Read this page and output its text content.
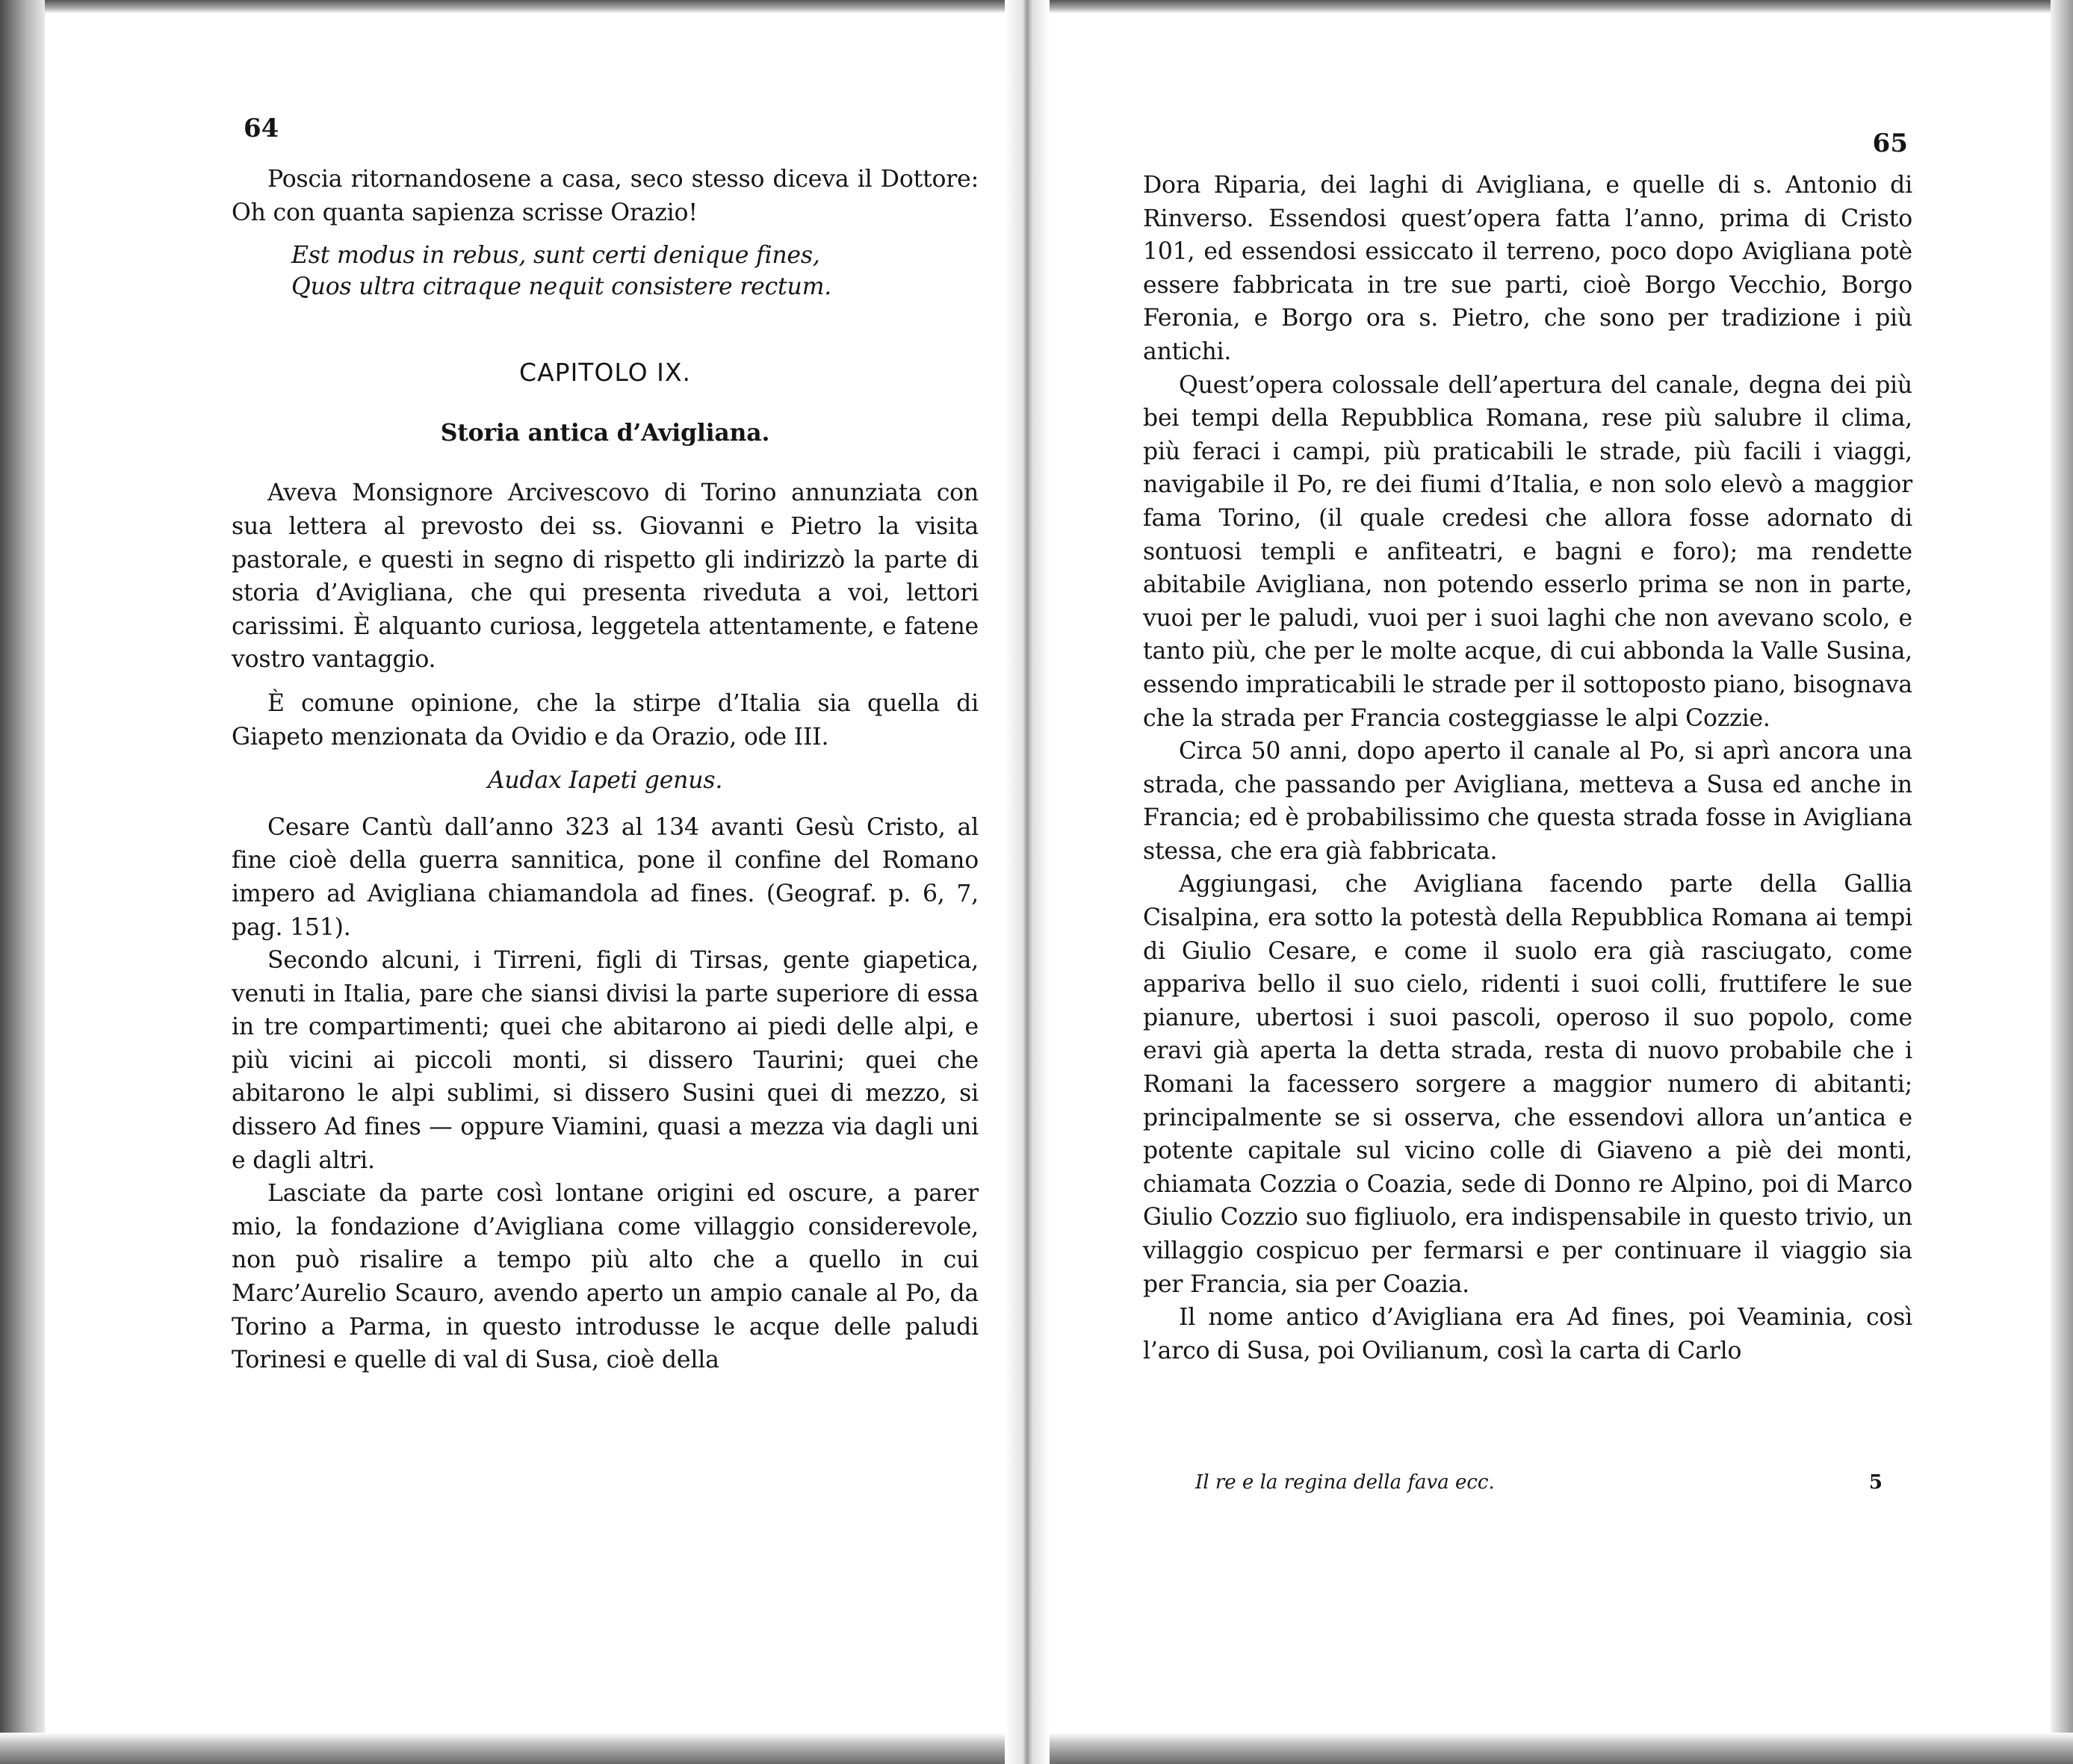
64

Poscia ritornandosene a casa, seco stesso diceva il Dottore: Oh con quanta sapienza scrisse Orazio!

Est modus in rebus, sunt certi denique fines,
Quos ultra citraque nequit consistere rectum.
CAPITOLO IX.
Storia antica d’Avigliana.

Aveva Monsignore Arcivescovo di Torino annunziata con sua lettera al prevosto dei ss. Giovanni e Pietro la visita pastorale, e questi in segno di rispetto gli indirizzò la parte di storia d’Avigliana, che qui presenta riveduta a voi, lettori carissimi. È alquanto curiosa, leggetela attentamente, e fatene vostro vantaggio.

È comune opinione, che la stirpe d’Italia sia quella di Giapeto menzionata da Ovidio e da Orazio, ode III.

Audax Iapeti genus.

Cesare Cantù dall’anno 323 al 134 avanti Gesù Cristo, al fine cioè della guerra sannitica, pone il confine del Romano impero ad Avigliana chiamandola ad fines. (Geograf. p. 6, 7, pag. 151).

Secondo alcuni, i Tirreni, figli di Tirsas, gente giapetica, venuti in Italia, pare che siansi divisi la parte superiore di essa in tre compartimenti; quei che abitarono ai piedi delle alpi, e più vicini ai piccoli monti, si dissero Taurini; quei che abitarono le alpi sublimi, si dissero Susini quei di mezzo, si dissero Ad fines — oppure Viamini, quasi a mezza via dagli uni e dagli altri.

Lasciate da parte così lontane origini ed oscure, a parer mio, la fondazione d’Avigliana come villaggio considerevole, non può risalire a tempo più alto che a quello in cui Marc’Aurelio Scauro, avendo aperto un ampio canale al Po, da Torino a Parma, in questo introdusse le acque delle paludi Torinesi e quelle di val di Susa, cioè della

65

Dora Riparia, dei laghi di Avigliana, e quelle di s. Antonio di Rinverso. Essendosi quest’opera fatta l’anno, prima di Cristo 101, ed essendosi essiccato il terreno, poco dopo Avigliana potè essere fabbricata in tre sue parti, cioè Borgo Vecchio, Borgo Feronia, e Borgo ora s. Pietro, che sono per tradizione i più antichi.

Quest’opera colossale dell’apertura del canale, degna dei più bei tempi della Repubblica Romana, rese più salubre il clima, più feraci i campi, più praticabili le strade, più facili i viaggi, navigabile il Po, re dei fiumi d’Italia, e non solo elevò a maggior fama Torino, (il quale credesi che allora fosse adornato di sontuosi templi e anfiteatri, e bagni e foro); ma rendette abitabile Avigliana, non potendo esserlo prima se non in parte, vuoi per le paludi, vuoi per i suoi laghi che non avevano scolo, e tanto più, che per le molte acque, di cui abbonda la Valle Susina, essendo impraticabili le strade per il sottoposto piano, bisognava che la strada per Francia costeggiasse le alpi Cozzie.

Circa 50 anni, dopo aperto il canale al Po, si aprì ancora una strada, che passando per Avigliana, metteva a Susa ed anche in Francia; ed è probabilissimo che questa strada fosse in Avigliana stessa, che era già fabbricata.

Aggiungasi, che Avigliana facendo parte della Gallia Cisalpina, era sotto la potestà della Repubblica Romana ai tempi di Giulio Cesare, e come il suolo era già rasciugato, come appariva bello il suo cielo, ridenti i suoi colli, fruttifere le sue pianure, ubertosi i suoi pascoli, operoso il suo popolo, come eravi già aperta la detta strada, resta di nuovo probabile che i Romani la facessero sorgere a maggior numero di abitanti; principalmente se si osserva, che essendovi allora un’antica e potente capitale sul vicino colle di Giaveno a piè dei monti, chiamata Cozzia o Coazia, sede di Donno re Alpino, poi di Marco Giulio Cozzio suo figliuolo, era indispensabile in questo trivio, un villaggio cospicuo per fermarsi e per continuare il viaggio sia per Francia, sia per Coazia.

Il nome antico d’Avigliana era Ad fines, poi Veaminia, così l’arco di Susa, poi Ovilianum, così la carta di Carlo

Il re e la regina della fava ecc.	5
